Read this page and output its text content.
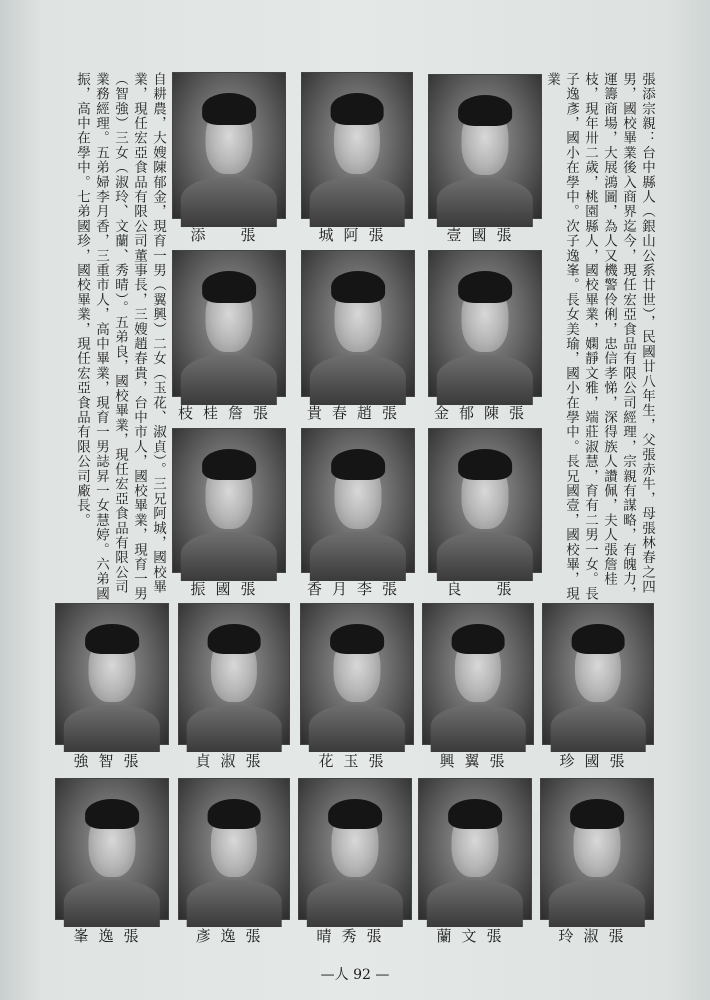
張添宗親：台中縣人（銀山公系廿世），民國廿八年生，父張赤牛，母張林春之四男，國校畢業後入商界迄今，現任宏亞食品有限公司經理，宗親有謀略，有魄力，運籌商場，大展鴻圖，為人又機警伶俐，忠信孝悌，深得族人讚佩，夫人張詹桂枝，現年卅二歲，桃園縣人，國校畢業，嫻靜文雅，端莊淑慧，育有二男一女。長子逸彥，國小在學中。次子逸峯。長女美瑜，國小在學中。長兄國壹，國校畢，現業
自耕農，大嫂陳郁金，現育一男（翼興）二女（玉花、淑貞）。三兄阿城，國校畢業，現任宏亞食品有限公司董事長，三嫂趙春貴，台中市人，國校畢業，現育一男（智強）三女（淑玲、文蘭、秀晴）。五弟良，國校畢業，現任宏亞食品有限公司業務經理。五弟婦李月香，三重市人，高中畢業，現育一男誌昇一女慧婷。六弟國振，高中在學中。七弟國珍，國校畢業，現任宏亞食品有限公司廠長。	添　張	城阿張	壹國張
枝桂詹張	貴春趙張	金郁陳張
振國張	香月李張	良　張
強智張	貞淑張	花玉張	興翼張	珍國張
峯逸張	彥逸張	晴秀張	蘭文張	玲淑張
—人 92 —
